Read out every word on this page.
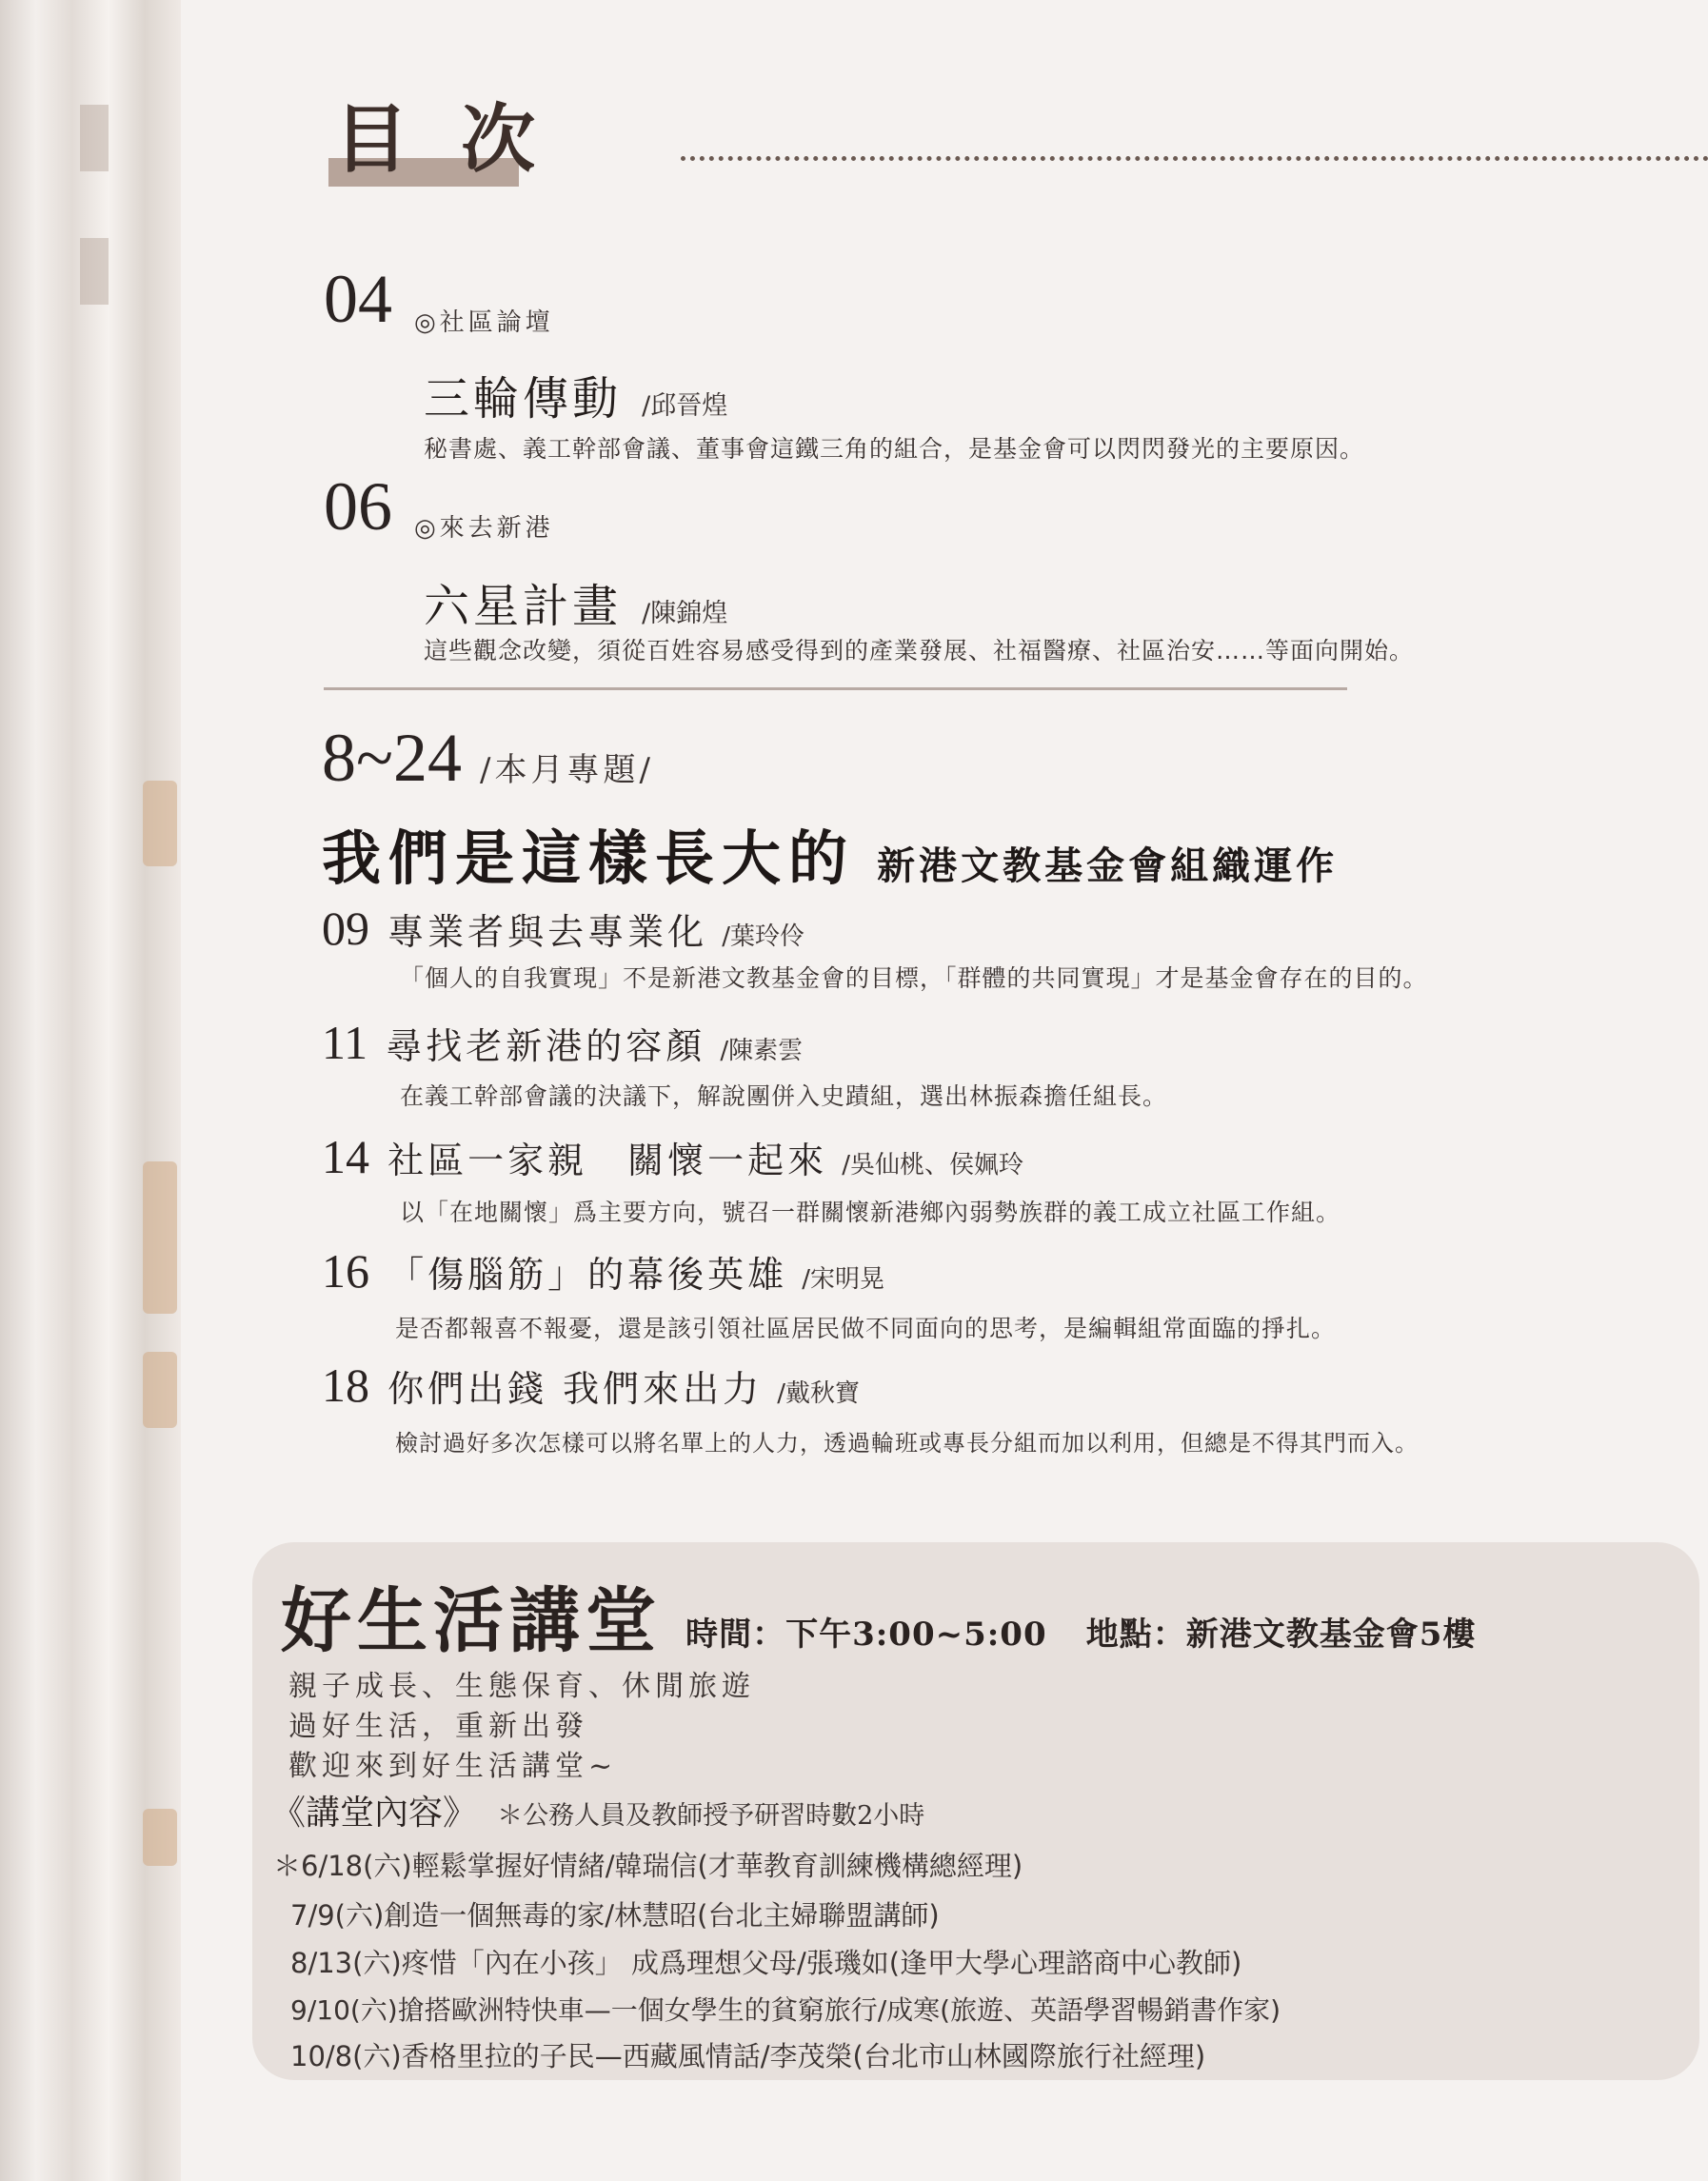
目 次
04 ◎社區論壇
三輪傳動 /邱晉煌
秘書處、義工幹部會議、董事會這鐵三角的組合，是基金會可以閃閃發光的主要原因。
06 ◎來去新港
六星計畫 /陳錦煌
這些觀念改變，須從百姓容易感受得到的產業發展、社福醫療、社區治安……等面向開始。
8~24 /本月專題/
我們是這樣長大的 新港文教基金會組織運作
09 專業者與去專業化 /葉玲伶
「個人的自我實現」不是新港文教基金會的目標，「群體的共同實現」才是基金會存在的目的。
11 尋找老新港的容顏 /陳素雲
在義工幹部會議的決議下，解說團併入史蹟組，選出林振森擔任組長。
14 社區一家親　關懷一起來 /吳仙桃、侯姵玲
以「在地關懷」爲主要方向，號召一群關懷新港鄉內弱勢族群的義工成立社區工作組。
16 「傷腦筋」的幕後英雄 /宋明晃
是否都報喜不報憂，還是該引領社區居民做不同面向的思考，是編輯組常面臨的掙扎。
18 你們出錢 我們來出力 /戴秋寶
檢討過好多次怎樣可以將名單上的人力，透過輪班或專長分組而加以利用，但總是不得其門而入。
好生活講堂 時間：下午3:00~5:00 地點：新港文教基金會5樓
親子成長、生態保育、休閒旅遊
過好生活，重新出發
歡迎來到好生活講堂~
《講堂內容》 ＊公務人員及教師授予研習時數2小時
＊6/18(六)輕鬆掌握好情緒/韓瑞信(才華教育訓練機構總經理)
7/9(六)創造一個無毒的家/林慧昭(台北主婦聯盟講師)
8/13(六)疼惜「內在小孩」 成爲理想父母/張璣如(逢甲大學心理諮商中心教師)
9/10(六)搶搭歐洲特快車—一個女學生的貧窮旅行/成寒(旅遊、英語學習暢銷書作家)
10/8(六)香格里拉的子民—西藏風情話/李茂榮(台北市山林國際旅行社經理)
